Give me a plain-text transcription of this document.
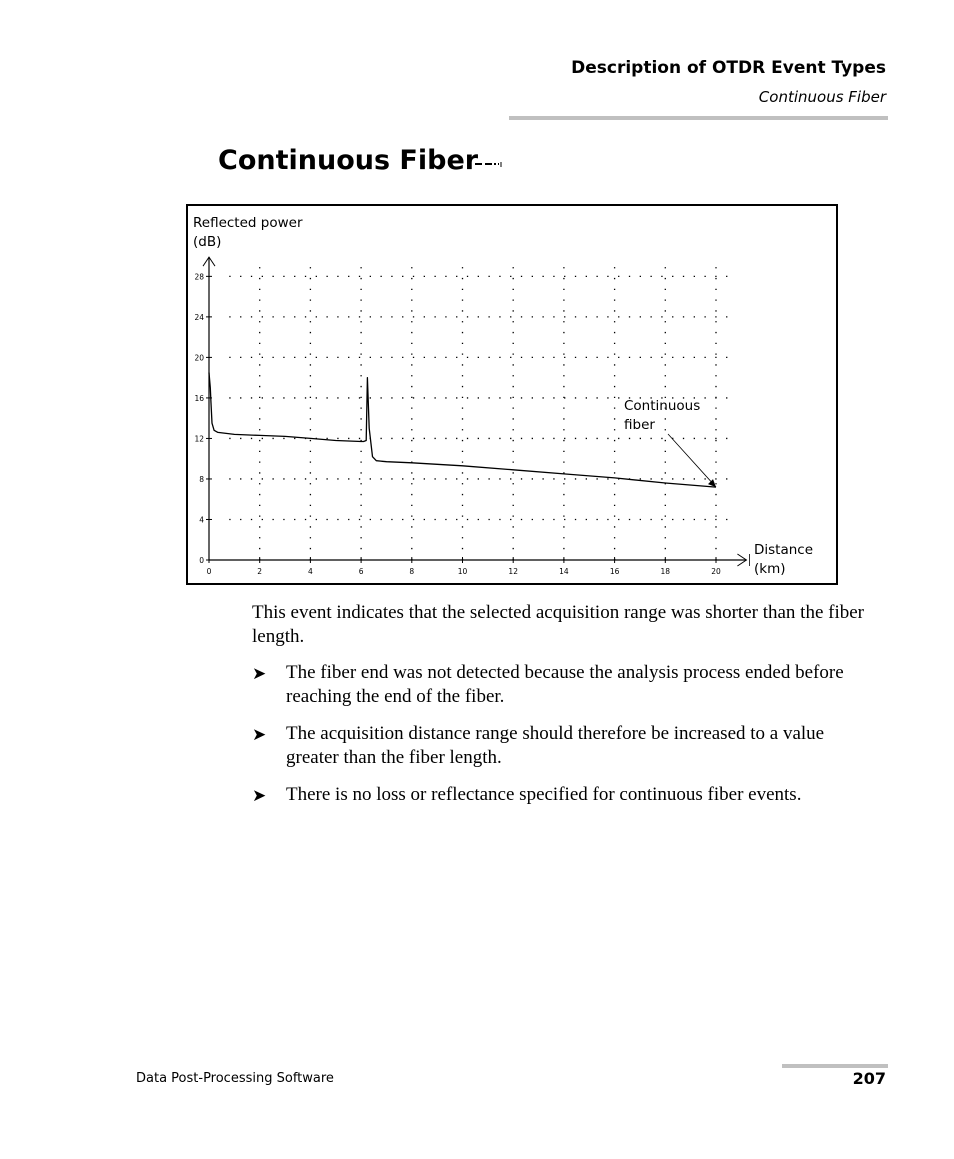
Description of OTDR Event Types
Continuous Fiber
Continuous Fiber
0	2	4	6	8	10	12	14	16	18	20
0
4
8
12
16
20
24
28
Reflected power
(dB)
Distance
(km)
Continuous
fiber
This event indicates that the selected acquisition range was shorter than the fiber length.
➤	The fiber end was not detected because the analysis process ended before reaching the end of the fiber.
➤	The acquisition distance range should therefore be increased to a value greater than the fiber length.
➤	There is no loss or reflectance specified for continuous fiber events.
Data Post-Processing Software	207
